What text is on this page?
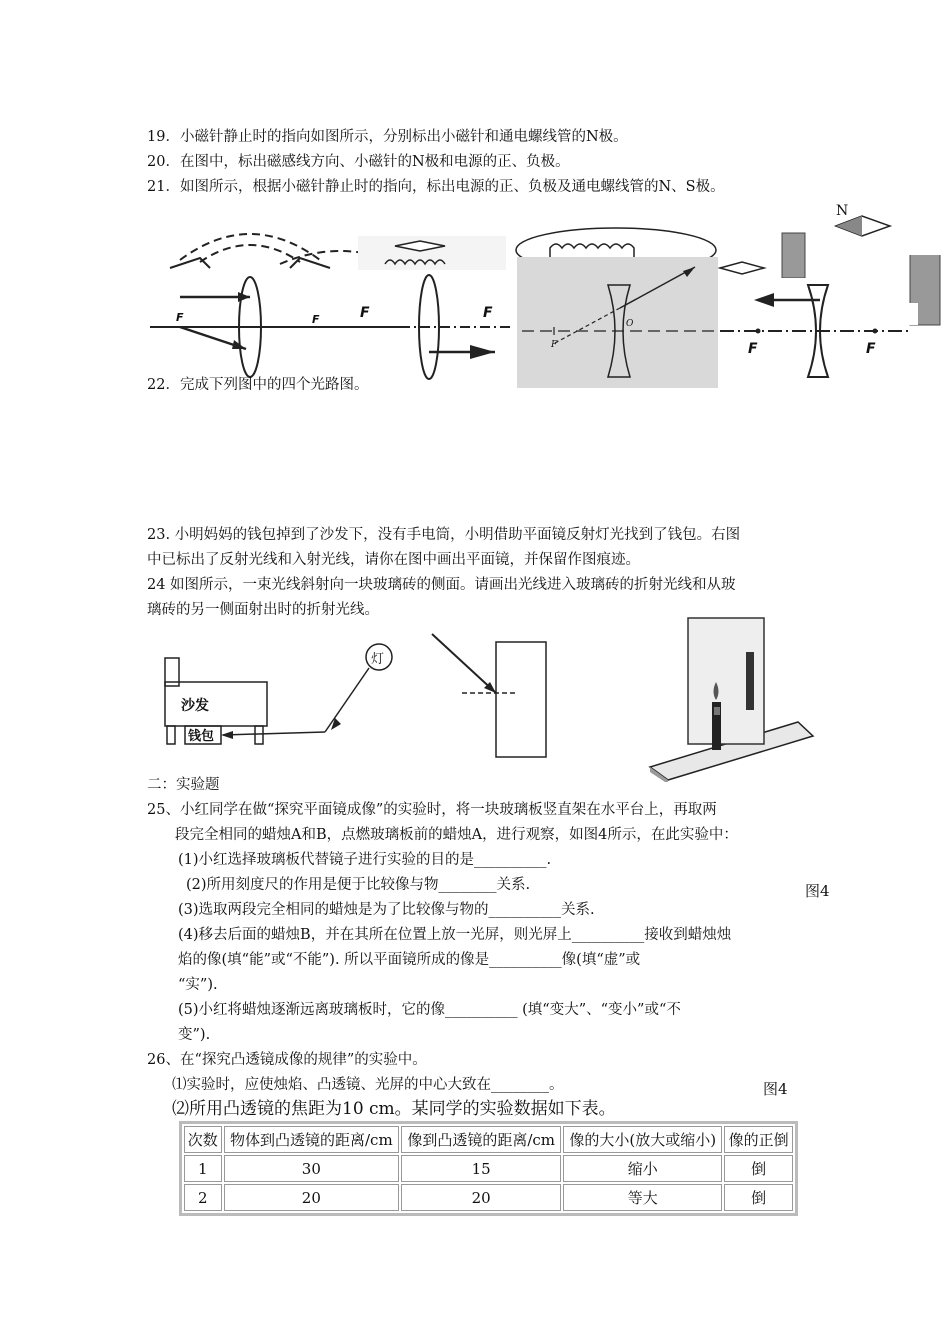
19．小磁针静止时的指向如图所示，分别标出小磁针和通电螺线管的N极。
20．在图中，标出磁感线方向、小磁针的N极和电源的正、负极。
21．如图所示，根据小磁针静止时的指向，标出电源的正、负极及通电螺线管的N、S极。
N
F	F	F	F
F
O
F	F
22．完成下列图中的四个光路图。
23. 小明妈妈的钱包掉到了沙发下，没有手电筒，小明借助平面镜反射灯光找到了钱包。右图
中已标出了反射光线和入射光线，请你在图中画出平面镜，并保留作图痕迹。
24 如图所示，一束光线斜射向一块玻璃砖的侧面。请画出光线进入玻璃砖的折射光线和从玻
璃砖的另一侧面射出时的折射光线。
沙发
钱包
灯
二：实验题
25、小红同学在做“探究平面镜成像”的实验时，将一块玻璃板竖直架在水平台上，再取两
段完全相同的蜡烛A和B，点燃玻璃板前的蜡烛A，进行观察，如图4所示，在此实验中：
(1)小红选择玻璃板代替镜子进行实验的目的是__________.
(2)所用刻度尺的作用是便于比较像与物________关系.	图4
(3)选取两段完全相同的蜡烛是为了比较像与物的__________关系.
(4)移去后面的蜡烛B，并在其所在位置上放一光屏，则光屏上__________接收到蜡烛烛
焰的像(填“能”或“不能”). 所以平面镜所成的像是__________像(填“虚”或
“实”).
(5)小红将蜡烛逐渐远离玻璃板时，它的像__________ (填“变大”、“变小”或“不
变”).
26、在“探究凸透镜成像的规律”的实验中。
⑴实验时，应使烛焰、凸透镜、光屏的中心大致在________。	图4
⑵所用凸透镜的焦距为10 cm。某同学的实验数据如下表。
次数	物体到凸透镜的距离/cm	像到凸透镜的距离/cm	像的大小(放大或缩小)	像的正倒
1	30	15	缩小	倒
2	20	20	等大	倒
